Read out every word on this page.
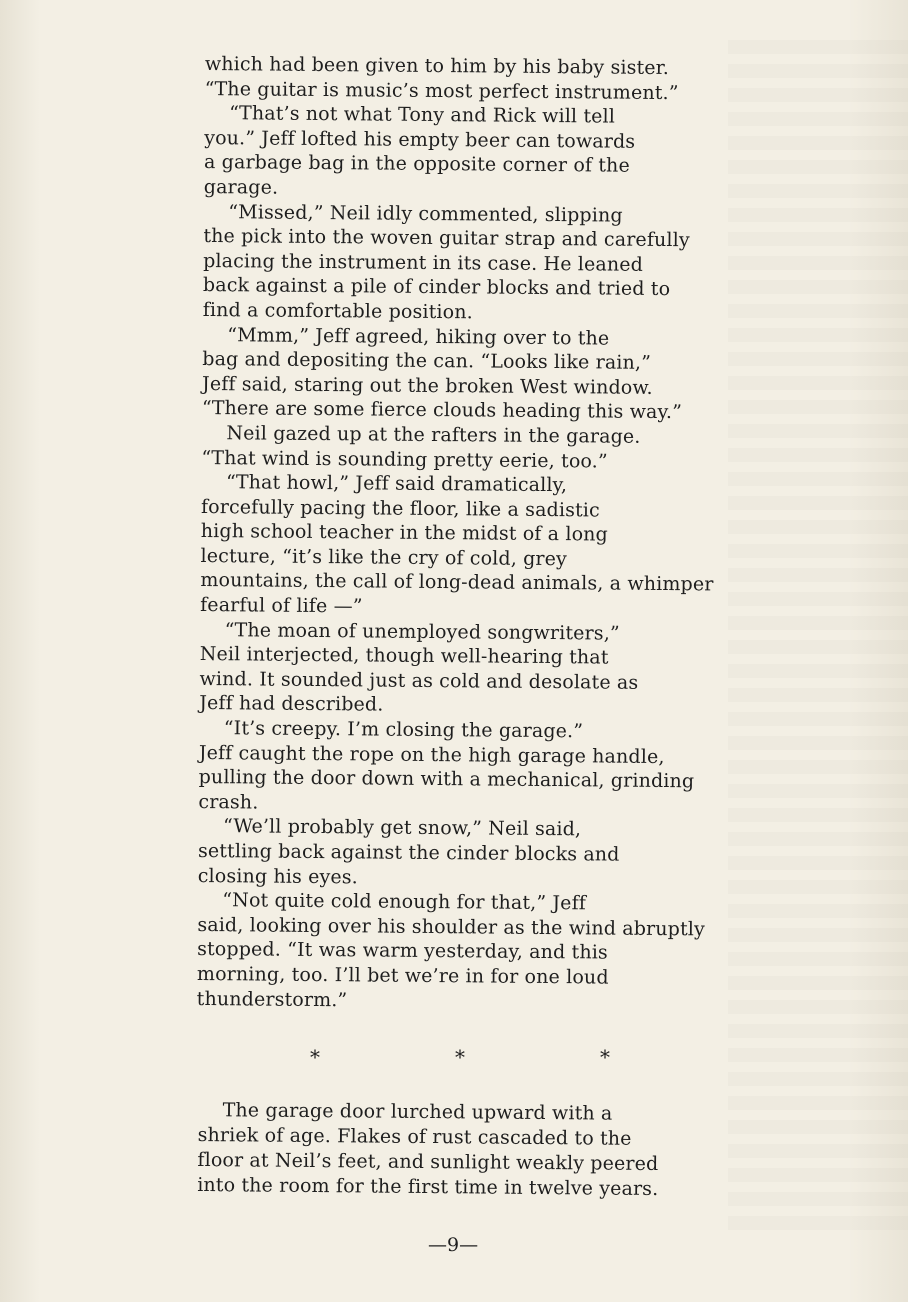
which had been given to him by his baby sister.
“The guitar is music’s most perfect instrument.”
“That’s not what Tony and Rick will tell
you.” Jeff lofted his empty beer can towards
a garbage bag in the opposite corner of the
garage.
“Missed,” Neil idly commented, slipping
the pick into the woven guitar strap and carefully
placing the instrument in its case. He leaned
back against a pile of cinder blocks and tried to
find a comfortable position.
“Mmm,” Jeff agreed, hiking over to the
bag and depositing the can. “Looks like rain,”
Jeff said, staring out the broken West window.
“There are some fierce clouds heading this way.”
Neil gazed up at the rafters in the garage.
“That wind is sounding pretty eerie, too.”
“That howl,” Jeff said dramatically,
forcefully pacing the floor, like a sadistic
high school teacher in the midst of a long
lecture, “it’s like the cry of cold, grey
mountains, the call of long-dead animals, a whimper
fearful of life —”
“The moan of unemployed songwriters,”
Neil interjected, though well-hearing that
wind. It sounded just as cold and desolate as
Jeff had described.
“It’s creepy. I’m closing the garage.”
Jeff caught the rope on the high garage handle,
pulling the door down with a mechanical, grinding
crash.
“We’ll probably get snow,” Neil said,
settling back against the cinder blocks and
closing his eyes.
“Not quite cold enough for that,” Jeff
said, looking over his shoulder as the wind abruptly
stopped. “It was warm yesterday, and this
morning, too. I’ll bet we’re in for one loud
thunderstorm.”
*	*	*
The garage door lurched upward with a
shriek of age. Flakes of rust cascaded to the
floor at Neil’s feet, and sunlight weakly peered
into the room for the first time in twelve years.
—9—
